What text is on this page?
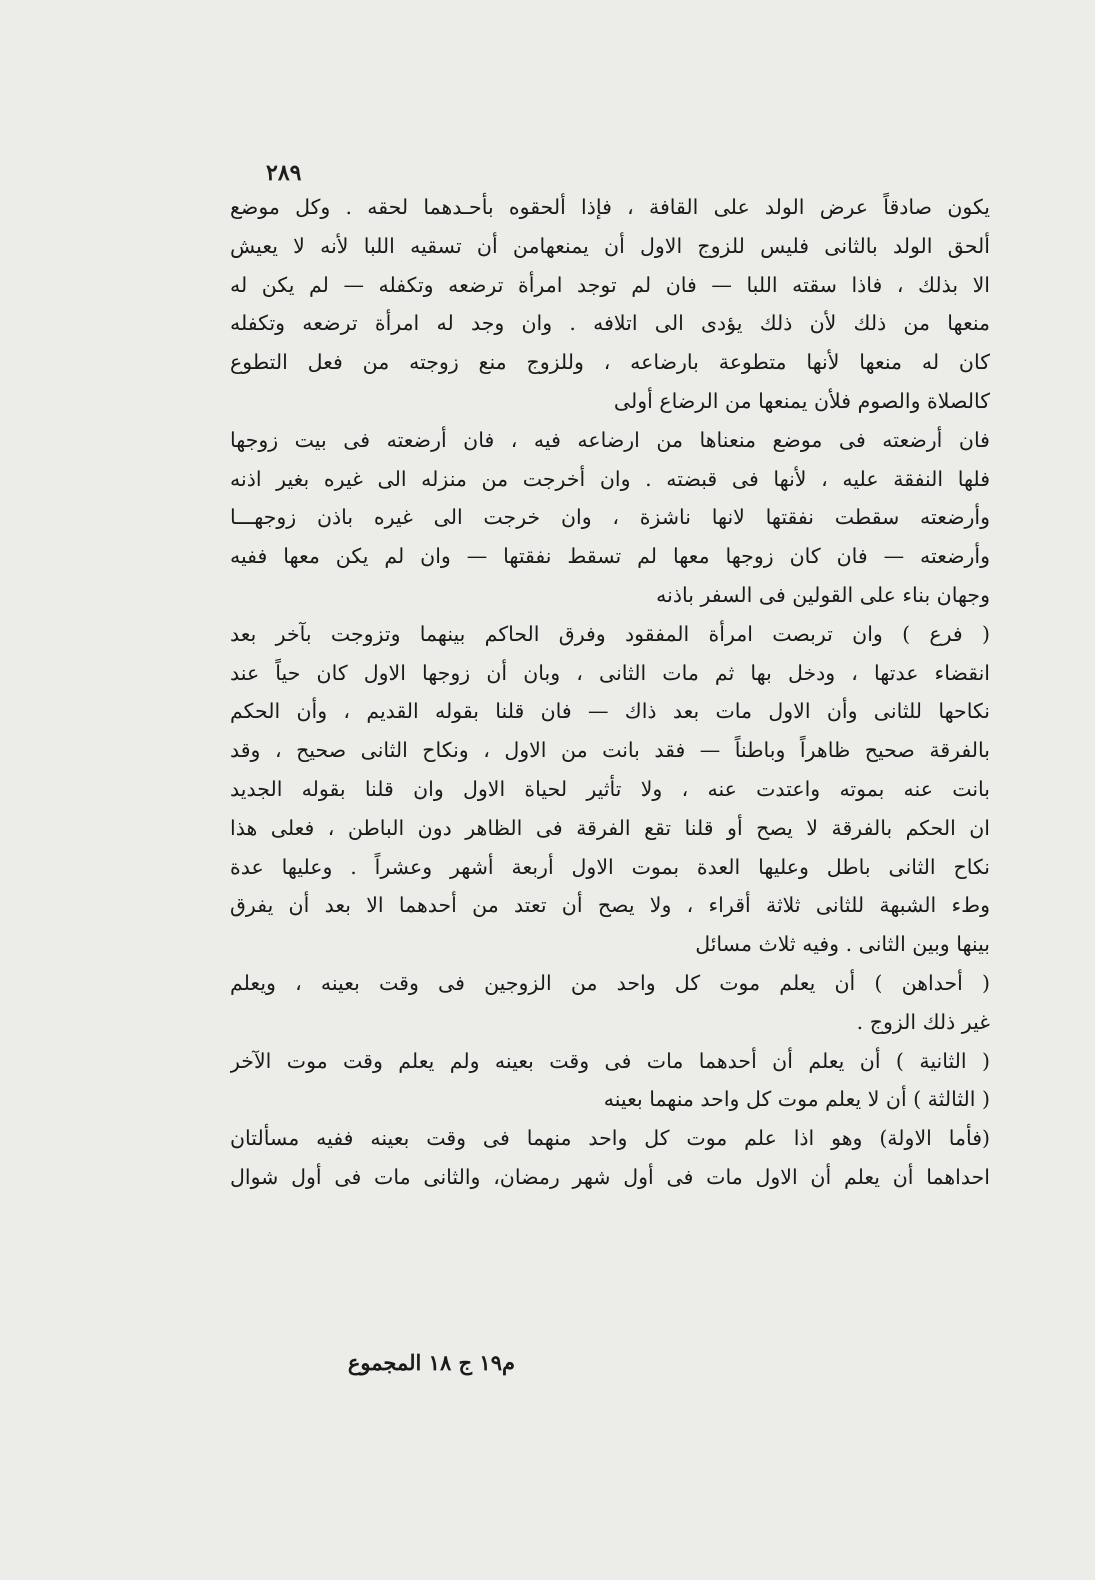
٢٨٩
يكون صادقاً عرض الولد على القافة ، فإذا ألحقوه بأحـدهما لحقه . وكل موضع
ألحق الولد بالثانى فليس للزوج الاول أن يمنعهامن أن تسقيه اللبا لأنه لا يعيش
الا بذلك ، فاذا سقته اللبا — فان لم توجد امرأة ترضعه وتكفله — لم يكن له
منعها من ذلك لأن ذلك يؤدى الى اتلافه . وان وجد له امرأة ترضعه وتكفله
كان له منعها لأنها متطوعة بارضاعه ، وللزوج منع زوجته من فعل التطوع
كالصلاة والصوم فلأن يمنعها من الرضاع أولى
فان أرضعته فى موضع منعناها من ارضاعه فيه ، فان أرضعته فى بيت زوجها
فلها النفقة عليه ، لأنها فى قبضته . وان أخرجت من منزله الى غيره بغير اذنه
وأرضعته سقطت نفقتها لانها ناشزة ، وان خرجت الى غيره باذن زوجهـــا
وأرضعته — فان كان زوجها معها لم تسقط نفقتها — وان لم يكن معها ففيه
وجهان بناء على القولين فى السفر باذنه
( فرع ) وان تربصت امرأة المفقود وفرق الحاكم بينهما وتزوجت بآخر بعد
انقضاء عدتها ، ودخل بها ثم مات الثانى ، وبان أن زوجها الاول كان حياً عند
نكاحها للثانى وأن الاول مات بعد ذاك — فان قلنا بقوله القديم ، وأن الحكم
بالفرقة صحيح ظاهراً وباطناً — فقد بانت من الاول ، ونكاح الثانى صحيح ، وقد
بانت عنه بموته واعتدت عنه ، ولا تأثير لحياة الاول وان قلنا بقوله الجديد
ان الحكم بالفرقة لا يصح أو قلنا تقع الفرقة فى الظاهر دون الباطن ، فعلى هذا
نكاح الثانى باطل وعليها العدة بموت الاول أربعة أشهر وعشراً . وعليها عدة
وطء الشبهة للثانى ثلاثة أقراء ، ولا يصح أن تعتد من أحدهما الا بعد أن يفرق
بينها وبين الثانى . وفيه ثلاث مسائل
( أحداهن ) أن يعلم موت كل واحد من الزوجين فى وقت بعينه ، ويعلم
غير ذلك الزوج .
( الثانية ) أن يعلم أن أحدهما مات فى وقت بعينه ولم يعلم وقت موت الآخر
( الثالثة ) أن لا يعلم موت كل واحد منهما بعينه
(فأما الاولة) وهو اذا علم موت كل واحد منهما فى وقت بعينه ففيه مسألتان
احداهما أن يعلم أن الاول مات فى أول شهر رمضان، والثانى مات فى أول شوال
م١٩ ج ١٨ المجموع
